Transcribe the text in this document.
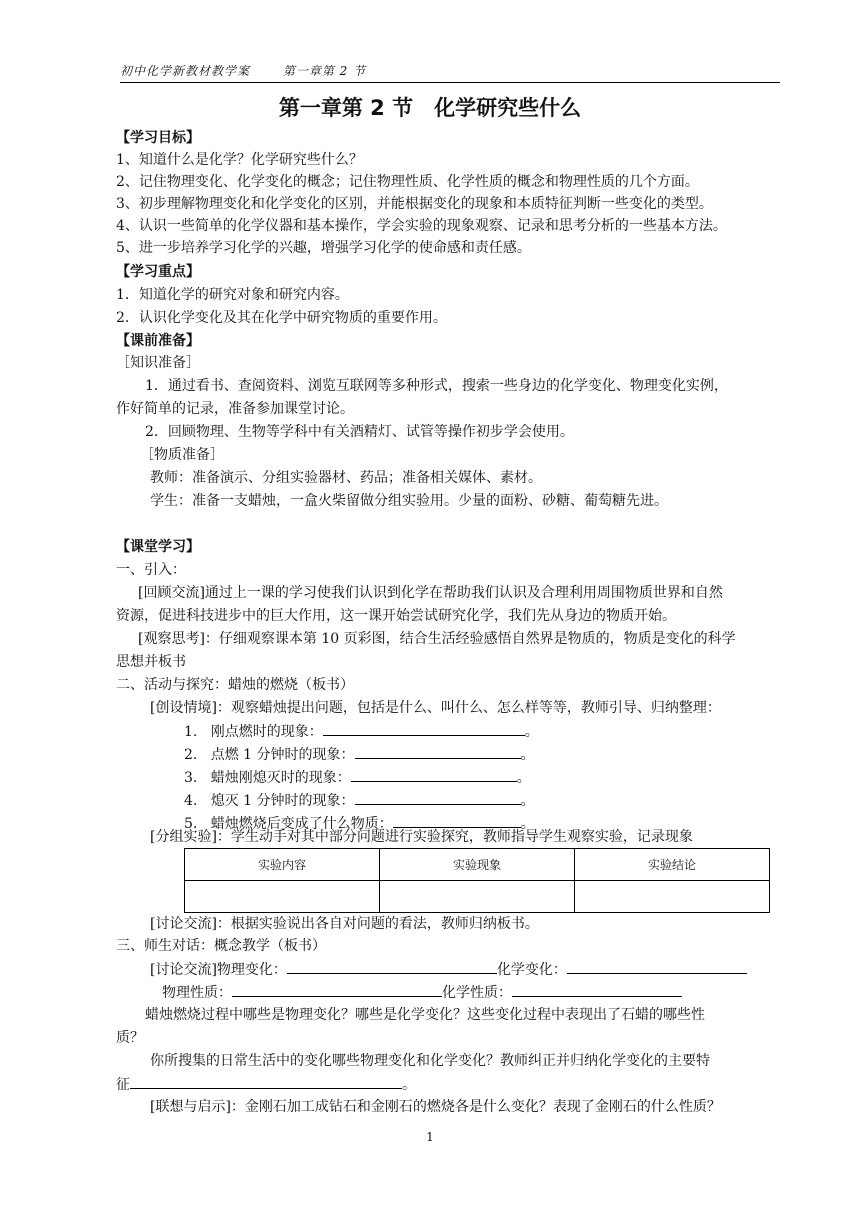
初中化学新教材教学案	第一章第 2 节
第一章第 2 节　化学研究些什么
【学习目标】
1、知道什么是化学？化学研究些什么？
2、记住物理变化、化学变化的概念；记住物理性质、化学性质的概念和物理性质的几个方面。
3、初步理解物理变化和化学变化的区别，并能根据变化的现象和本质特征判断一些变化的类型。
4、认识一些简单的化学仪器和基本操作，学会实验的现象观察、记录和思考分析的一些基本方法。
5、进一步培养学习化学的兴趣，增强学习化学的使命感和责任感。
【学习重点】
1．知道化学的研究对象和研究内容。
2．认识化学变化及其在化学中研究物质的重要作用。
【课前准备】
［知识准备］
1．通过看书、查阅资料、浏览互联网等多种形式，搜索一些身边的化学变化、物理变化实例，
作好简单的记录，准备参加课堂讨论。
2．回顾物理、生物等学科中有关酒精灯、试管等操作初步学会使用。
［物质准备］
教师：准备演示、分组实验器材、药品；准备相关媒体、素材。
学生：准备一支蜡烛，一盒火柴留做分组实验用。少量的面粉、砂糖、葡萄糖先进。
【课堂学习】
一、引入：
[回顾交流]通过上一课的学习使我们认识到化学在帮助我们认识及合理利用周围物质世界和自然
资源，促进科技进步中的巨大作用，这一课开始尝试研究化学，我们先从身边的物质开始。
[观察思考]：仔细观察课本第 10 页彩图，结合生活经验感悟自然界是物质的，物质是变化的科学
思想并板书
二、活动与探究：蜡烛的燃烧（板书）
[创设情境]：观察蜡烛提出问题，包括是什么、叫什么、怎么样等等，教师引导、归纳整理：
1. 刚点燃时的现象：	。
2. 点燃 1 分钟时的现象：	。
3. 蜡烛刚熄灭时的现象：	。
4. 熄灭 1 分钟时的现象：	。
5. 蜡烛燃烧后变成了什么物质：	。
[分组实验]：学生动手对其中部分问题进行实验探究，教师指导学生观察实验，记录现象
实验内容	实验现象	实验结论

[讨论交流]：根据实验说出各自对问题的看法，教师归纳板书。
三、师生对话：概念教学（板书）
[讨论交流]物理变化：	化学变化：
物理性质：	化学性质：
蜡烛燃烧过程中哪些是物理变化？哪些是化学变化？这些变化过程中表现出了石蜡的哪些性
质？
你所搜集的日常生活中的变化哪些物理变化和化学变化？教师纠正并归纳化学变化的主要特
征	。
[联想与启示]：金刚石加工成钻石和金刚石的燃烧各是什么变化？表现了金刚石的什么性质？
1
